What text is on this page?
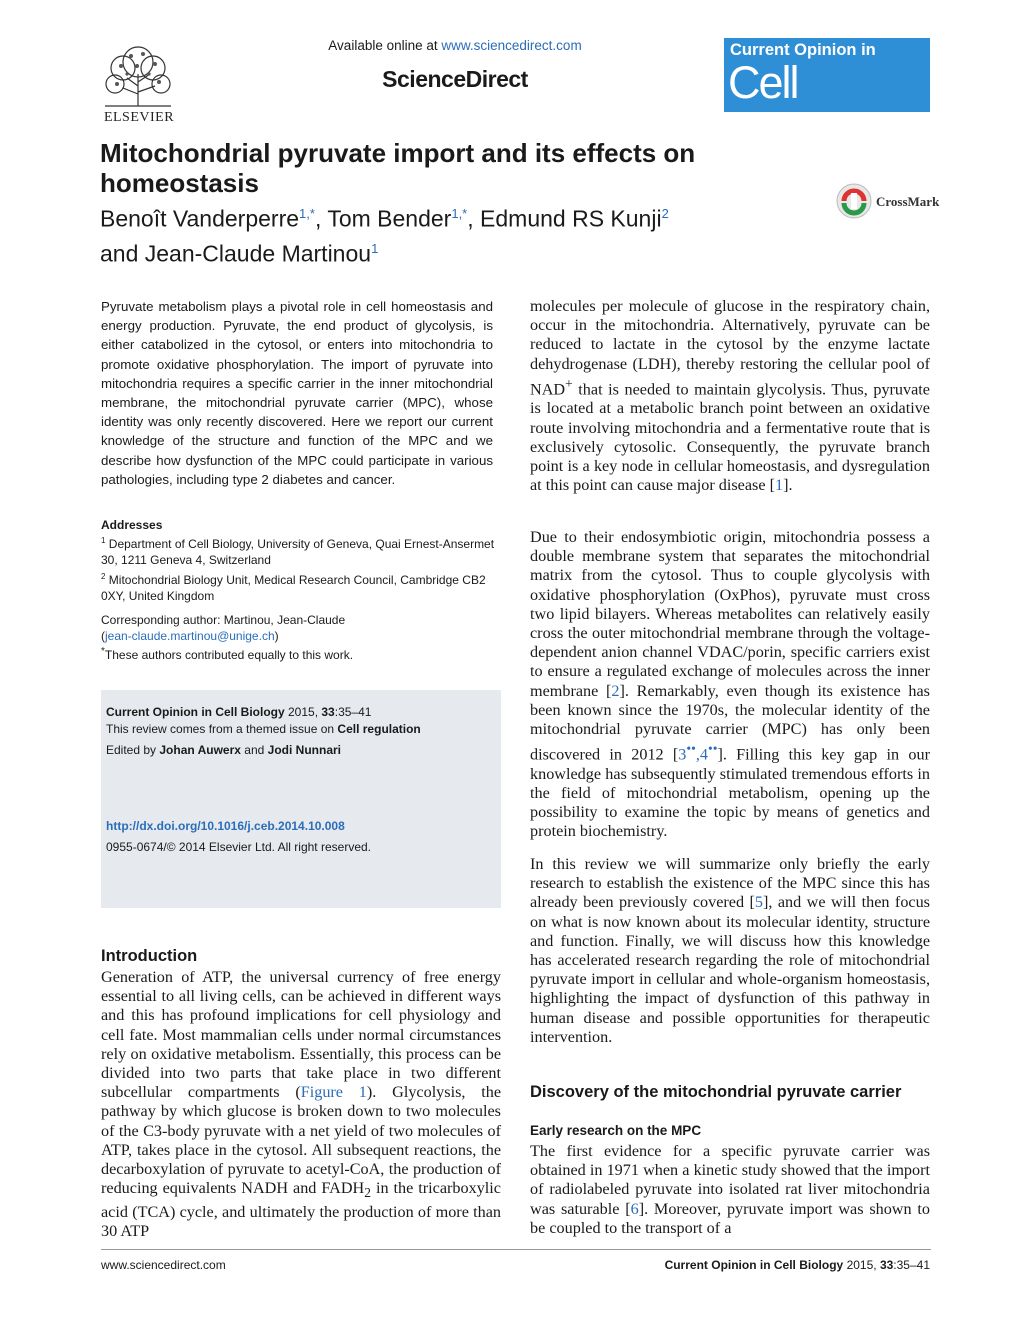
ELSEVIER
Available online at www.sciencedirect.com
ScienceDirect
Current Opinion in
Cell Biology
Mitochondrial pyruvate import and its effects on homeostasis
Benoît Vanderperre$^{1,*}$, Tom Bender$^{1,*}$, Edmund RS Kunji$^2$
and Jean-Claude Martinou$^1$
CrossMark
Pyruvate metabolism plays a pivotal role in cell homeostasis and energy production. Pyruvate, the end product of glycolysis, is either catabolized in the cytosol, or enters into mitochondria to promote oxidative phosphorylation. The import of pyruvate into mitochondria requires a specific carrier in the inner mitochondrial membrane, the mitochondrial pyruvate carrier (MPC), whose identity was only recently discovered. Here we report our current knowledge of the structure and function of the MPC and we describe how dysfunction of the MPC could participate in various pathologies, including type 2 diabetes and cancer.
Addresses
$^1$ Department of Cell Biology, University of Geneva, Quai Ernest-Ansermet 30, 1211 Geneva 4, Switzerland
$^2$ Mitochondrial Biology Unit, Medical Research Council, Cambridge CB2 0XY, United Kingdom
Corresponding author: Martinou, Jean-Claude
(jean-claude.martinou@unige.ch)
*These authors contributed equally to this work.
Current Opinion in Cell Biology 2015, 33:35–41
This review comes from a themed issue on Cell regulation
Edited by Johan Auwerx and Jodi Nunnari
http://dx.doi.org/10.1016/j.ceb.2014.10.008
0955-0674/© 2014 Elsevier Ltd. All right reserved.
Introduction
Generation of ATP, the universal currency of free energy essential to all living cells, can be achieved in different ways and this has profound implications for cell physiology and cell fate. Most mammalian cells under normal circumstances rely on oxidative metabolism. Essentially, this process can be divided into two parts that take place in two different subcellular compartments (Figure 1). Glycolysis, the pathway by which glucose is broken down to two molecules of the C3-body pyruvate with a net yield of two molecules of ATP, takes place in the cytosol. All subsequent reactions, the decarboxylation of pyruvate to acetyl-CoA, the production of reducing equivalents NADH and $FADH_2$ in the tricarboxylic acid (TCA) cycle, and ultimately the production of more than 30 ATP
molecules per molecule of glucose in the respiratory chain, occur in the mitochondria. Alternatively, pyruvate can be reduced to lactate in the cytosol by the enzyme lactate dehydrogenase (LDH), thereby restoring the cellular pool of NAD+ that is needed to maintain glycolysis. Thus, pyruvate is located at a metabolic branch point between an oxidative route involving mitochondria and a fermentative route that is exclusively cytosolic. Consequently, the pyruvate branch point is a key node in cellular homeostasis, and dysregulation at this point can cause major disease [1].
Due to their endosymbiotic origin, mitochondria possess a double membrane system that separates the mitochondrial matrix from the cytosol. Thus to couple glycolysis with oxidative phosphorylation (OxPhos), pyruvate must cross two lipid bilayers. Whereas metabolites can relatively easily cross the outer mitochondrial membrane through the voltage-dependent anion channel VDAC/porin, specific carriers exist to ensure a regulated exchange of molecules across the inner membrane [2]. Remarkably, even though its existence has been known since the 1970s, the molecular identity of the mitochondrial pyruvate carrier (MPC) has only been discovered in 2012 [3••,4••]. Filling this key gap in our knowledge has subsequently stimulated tremendous efforts in the field of mitochondrial metabolism, opening up the possibility to examine the topic by means of genetics and protein biochemistry.
In this review we will summarize only briefly the early research to establish the existence of the MPC since this has already been previously covered [5], and we will then focus on what is now known about its molecular identity, structure and function. Finally, we will discuss how this knowledge has accelerated research regarding the role of mitochondrial pyruvate import in cellular and whole-organism homeostasis, highlighting the impact of dysfunction of this pathway in human disease and possible opportunities for therapeutic intervention.
Discovery of the mitochondrial pyruvate carrier
Early research on the MPC
The first evidence for a specific pyruvate carrier was obtained in 1971 when a kinetic study showed that the import of radiolabeled pyruvate into isolated rat liver mitochondria was saturable [6]. Moreover, pyruvate import was shown to be coupled to the transport of a
www.sciencedirect.com	Current Opinion in Cell Biology 2015, 33:35–41
